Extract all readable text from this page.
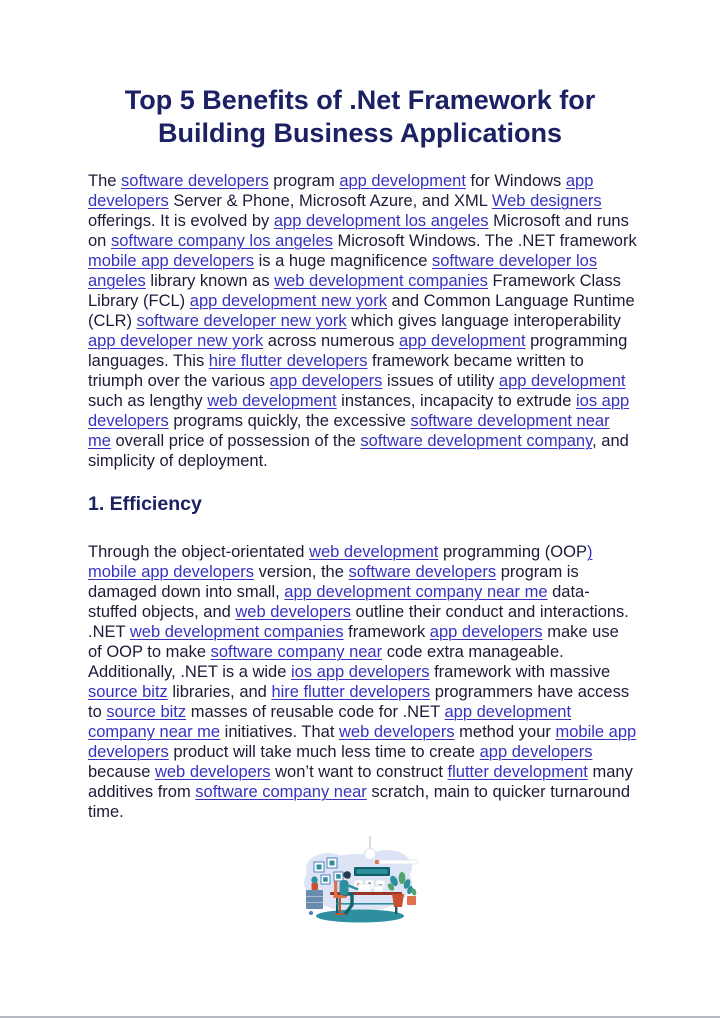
Top 5 Benefits of .Net Framework for Building Business Applications
The software developers program app development for Windows app developers Server & Phone, Microsoft Azure, and XML Web designers offerings. It is evolved by app development los angeles Microsoft and runs on software company los angeles Microsoft Windows. The .NET framework mobile app developers is a huge magnificence software developer los angeles library known as web development companies Framework Class Library (FCL) app development new york and Common Language Runtime (CLR) software developer new york which gives language interoperability app developer new york across numerous app development programming languages. This hire flutter developers framework became written to triumph over the various app developers issues of utility app development such as lengthy web development instances, incapacity to extrude ios app developers programs quickly, the excessive software development near me overall price of possession of the software development company, and simplicity of deployment.
1. Efficiency
Through the object-orientated web development programming (OOP) mobile app developers version, the software developers program is damaged down into small, app development company near me data-stuffed objects, and web developers outline their conduct and interactions. .NET web development companies framework app developers make use of OOP to make software company near code extra manageable. Additionally, .NET is a wide ios app developers framework with massive source bitz libraries, and hire flutter developers programmers have access to source bitz masses of reusable code for .NET app development company near me initiatives. That web developers method your mobile app developers product will take much less time to create app developers because web developers won’t want to construct flutter development many additives from software company near scratch, main to quicker turnaround time.
